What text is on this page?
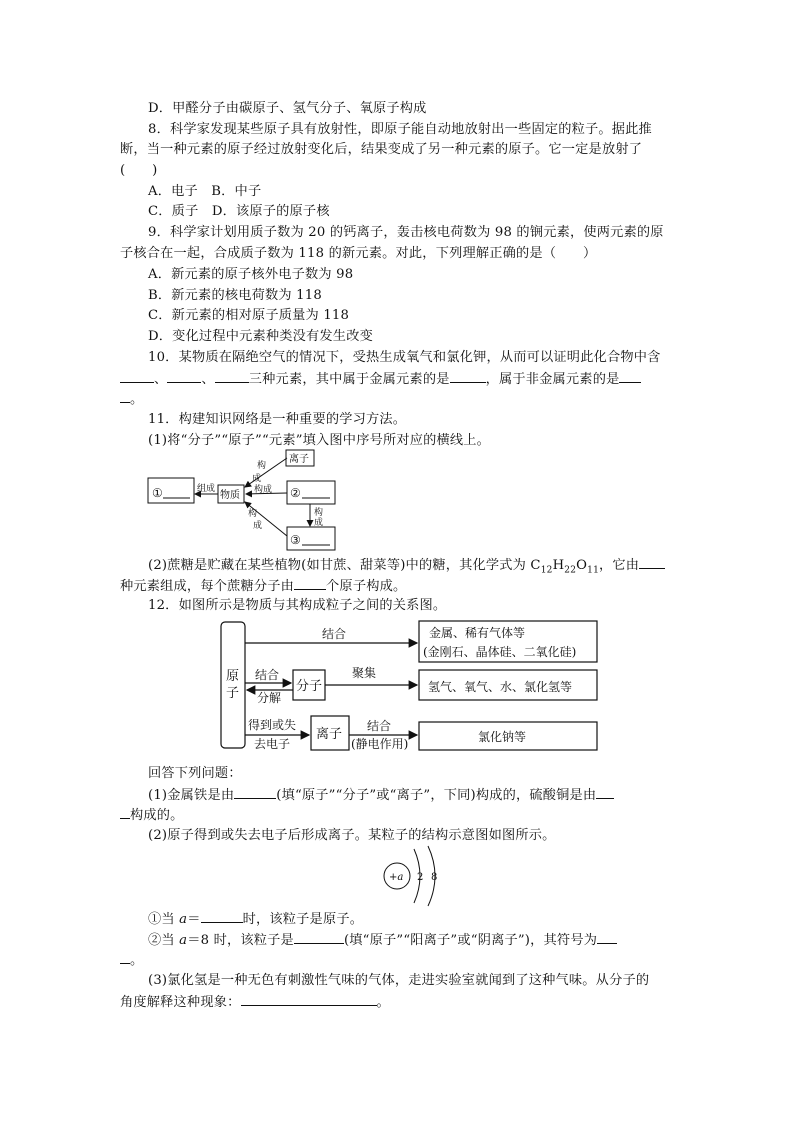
D．甲醛分子由碳原子、氢气分子、氧原子构成
8．科学家发现某些原子具有放射性，即原子能自动地放射出一些固定的粒子。据此推
断，当一种元素的原子经过放射变化后，结果变成了另一种元素的原子。它一定是放射了
(　　)
A．电子　B．中子
C．质子　D．该原子的原子核
9．科学家计划用质子数为 20 的钙离子，轰击核电荷数为 98 的锎元素，使两元素的原
子核合在一起，合成质子数为 118 的新元素。对此，下列理解正确的是（　　）
A．新元素的原子核外电子数为 98
B．新元素的核电荷数为 118
C．新元素的相对原子质量为 118
D．变化过程中元素种类没有发生改变
10．某物质在隔绝空气的情况下，受热生成氧气和氯化钾，从而可以证明此化合物中含
、	、	三种元素，其中属于金属元素的是	，属于非金属元素的是
。
11．构建知识网络是一种重要的学习方法。
(1)将“分子”“原子”“元素”填入图中序号所对应的横线上。
①	组成
物质
离子
构
成
构成 ②
构
成
构
成
③
(2)蔗糖是贮藏在某些植物(如甘蔗、甜菜等)中的糖，其化学式为 $C_{12}H_{22}O_{11}$，它由
种元素组成，每个蔗糖分子由 个原子构成。
12．如图所示是物质与其构成粒子之间的关系图。
原
子
结合	金属、稀有气体等
(金刚石、晶体硅、二氧化硅)
结合
分解
分子
聚集
氢气、氧气、水、氯化氢等
得到或失
去电子
离子
结合
(静电作用)	氯化钠等
回答下列问题：
(1)金属铁是由	(填“原子”“分子”或“离子”，下同)构成的，硫酸铜是由
构成的。
(2)原子得到或失去电子后形成离子。某粒子的结构示意图如图所示。
+a 2 8
①当 a＝	时，该粒子是原子。
②当 a＝8 时，该粒子是	(填“原子”“阳离子”或“阴离子”)，其符号为
。
(3)氯化氢是一种无色有刺激性气味的气体，走进实验室就闻到了这种气味。从分子的
角度解释这种现象：	。
